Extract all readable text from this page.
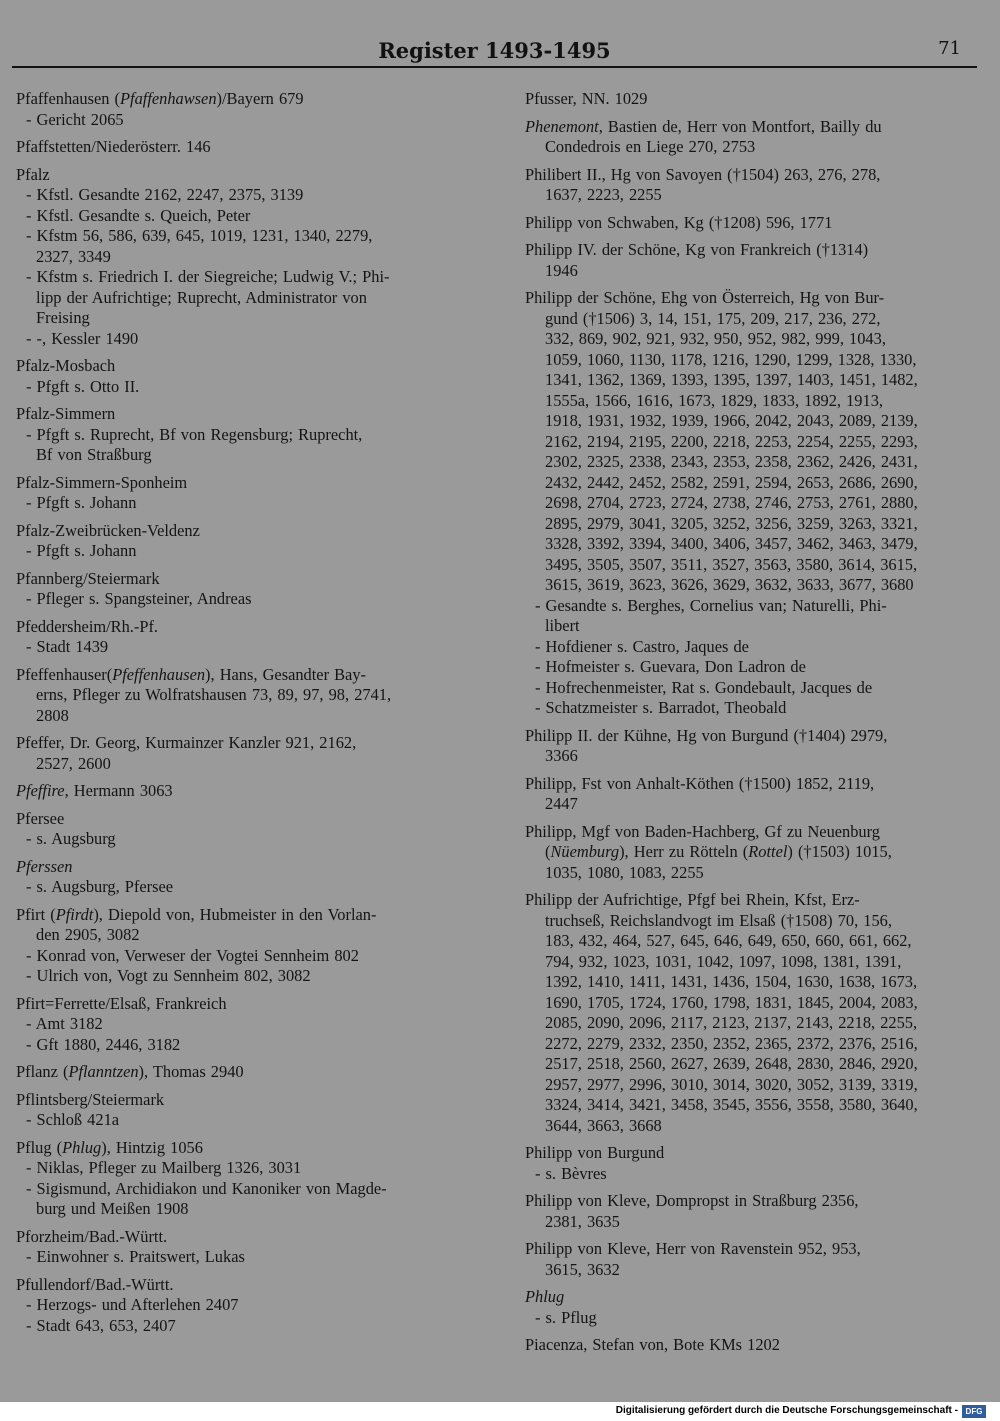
Register 1493-1495	71
Pfaffenhausen (Pfaffenhawsen)/Bayern 679
- Gericht 2065
Pfaffstetten/Niederösterr. 146
Pfalz
- Kfstl. Gesandte 2162, 2247, 2375, 3139
- Kfstl. Gesandte s. Queich, Peter
- Kfstm 56, 586, 639, 645, 1019, 1231, 1340, 2279,
2327, 3349
- Kfstm s. Friedrich I. der Siegreiche; Ludwig V.; Phi-
lipp der Aufrichtige; Ruprecht, Administrator von
Freising
- -, Kessler 1490
Pfalz-Mosbach
- Pfgft s. Otto II.
Pfalz-Simmern
- Pfgft s. Ruprecht, Bf von Regensburg; Ruprecht,
Bf von Straßburg
Pfalz-Simmern-Sponheim
- Pfgft s. Johann
Pfalz-Zweibrücken-Veldenz
- Pfgft s. Johann
Pfannberg/Steiermark
- Pfleger s. Spangsteiner, Andreas
Pfeddersheim/Rh.-Pf.
- Stadt 1439
Pfeffenhauser(Pfeffenhausen), Hans, Gesandter Bay-
erns, Pfleger zu Wolfratshausen 73, 89, 97, 98, 2741,
2808
Pfeffer, Dr. Georg, Kurmainzer Kanzler 921, 2162,
2527, 2600
Pfeffire, Hermann 3063
Pfersee
- s. Augsburg
Pferssen
- s. Augsburg, Pfersee
Pfirt (Pfirdt), Diepold von, Hubmeister in den Vorlan-
den 2905, 3082
- Konrad von, Verweser der Vogtei Sennheim 802
- Ulrich von, Vogt zu Sennheim 802, 3082
Pfirt=Ferrette/Elsaß, Frankreich
- Amt 3182
- Gft 1880, 2446, 3182
Pflanz (Pflanntzen), Thomas 2940
Pflintsberg/Steiermark
- Schloß 421a
Pflug (Phlug), Hintzig 1056
- Niklas, Pfleger zu Mailberg 1326, 3031
- Sigismund, Archidiakon und Kanoniker von Magde-
burg und Meißen 1908
Pforzheim/Bad.-Württ.
- Einwohner s. Praitswert, Lukas
Pfullendorf/Bad.-Württ.
- Herzogs- und Afterlehen 2407
- Stadt 643, 653, 2407
Pfusser, NN. 1029
Phenemont, Bastien de, Herr von Montfort, Bailly du
Condedrois en Liege 270, 2753
Philibert II., Hg von Savoyen (†1504) 263, 276, 278,
1637, 2223, 2255
Philipp von Schwaben, Kg (†1208) 596, 1771
Philipp IV. der Schöne, Kg von Frankreich (†1314)
1946
Philipp der Schöne, Ehg von Österreich, Hg von Bur-
gund (†1506) 3, 14, 151, 175, 209, 217, 236, 272,
332, 869, 902, 921, 932, 950, 952, 982, 999, 1043,
1059, 1060, 1130, 1178, 1216, 1290, 1299, 1328, 1330,
1341, 1362, 1369, 1393, 1395, 1397, 1403, 1451, 1482,
1555a, 1566, 1616, 1673, 1829, 1833, 1892, 1913,
1918, 1931, 1932, 1939, 1966, 2042, 2043, 2089, 2139,
2162, 2194, 2195, 2200, 2218, 2253, 2254, 2255, 2293,
2302, 2325, 2338, 2343, 2353, 2358, 2362, 2426, 2431,
2432, 2442, 2452, 2582, 2591, 2594, 2653, 2686, 2690,
2698, 2704, 2723, 2724, 2738, 2746, 2753, 2761, 2880,
2895, 2979, 3041, 3205, 3252, 3256, 3259, 3263, 3321,
3328, 3392, 3394, 3400, 3406, 3457, 3462, 3463, 3479,
3495, 3505, 3507, 3511, 3527, 3563, 3580, 3614, 3615,
3615, 3619, 3623, 3626, 3629, 3632, 3633, 3677, 3680
- Gesandte s. Berghes, Cornelius van; Naturelli, Phi-
libert
- Hofdiener s. Castro, Jaques de
- Hofmeister s. Guevara, Don Ladron de
- Hofrechenmeister, Rat s. Gondebault, Jacques de
- Schatzmeister s. Barradot, Theobald
Philipp II. der Kühne, Hg von Burgund (†1404) 2979,
3366
Philipp, Fst von Anhalt-Köthen (†1500) 1852, 2119,
2447
Philipp, Mgf von Baden-Hachberg, Gf zu Neuenburg
(Nüemburg), Herr zu Rötteln (Rottel) (†1503) 1015,
1035, 1080, 1083, 2255
Philipp der Aufrichtige, Pfgf bei Rhein, Kfst, Erz-
truchseß, Reichslandvogt im Elsaß (†1508) 70, 156,
183, 432, 464, 527, 645, 646, 649, 650, 660, 661, 662,
794, 932, 1023, 1031, 1042, 1097, 1098, 1381, 1391,
1392, 1410, 1411, 1431, 1436, 1504, 1630, 1638, 1673,
1690, 1705, 1724, 1760, 1798, 1831, 1845, 2004, 2083,
2085, 2090, 2096, 2117, 2123, 2137, 2143, 2218, 2255,
2272, 2279, 2332, 2350, 2352, 2365, 2372, 2376, 2516,
2517, 2518, 2560, 2627, 2639, 2648, 2830, 2846, 2920,
2957, 2977, 2996, 3010, 3014, 3020, 3052, 3139, 3319,
3324, 3414, 3421, 3458, 3545, 3556, 3558, 3580, 3640,
3644, 3663, 3668
Philipp von Burgund
- s. Bèvres
Philipp von Kleve, Dompropst in Straßburg 2356,
2381, 3635
Philipp von Kleve, Herr von Ravenstein 952, 953,
3615, 3632
Phlug
- s. Pflug
Piacenza, Stefan von, Bote KMs 1202
Digitalisierung gefördert durch die Deutsche Forschungsgemeinschaft - DFG
